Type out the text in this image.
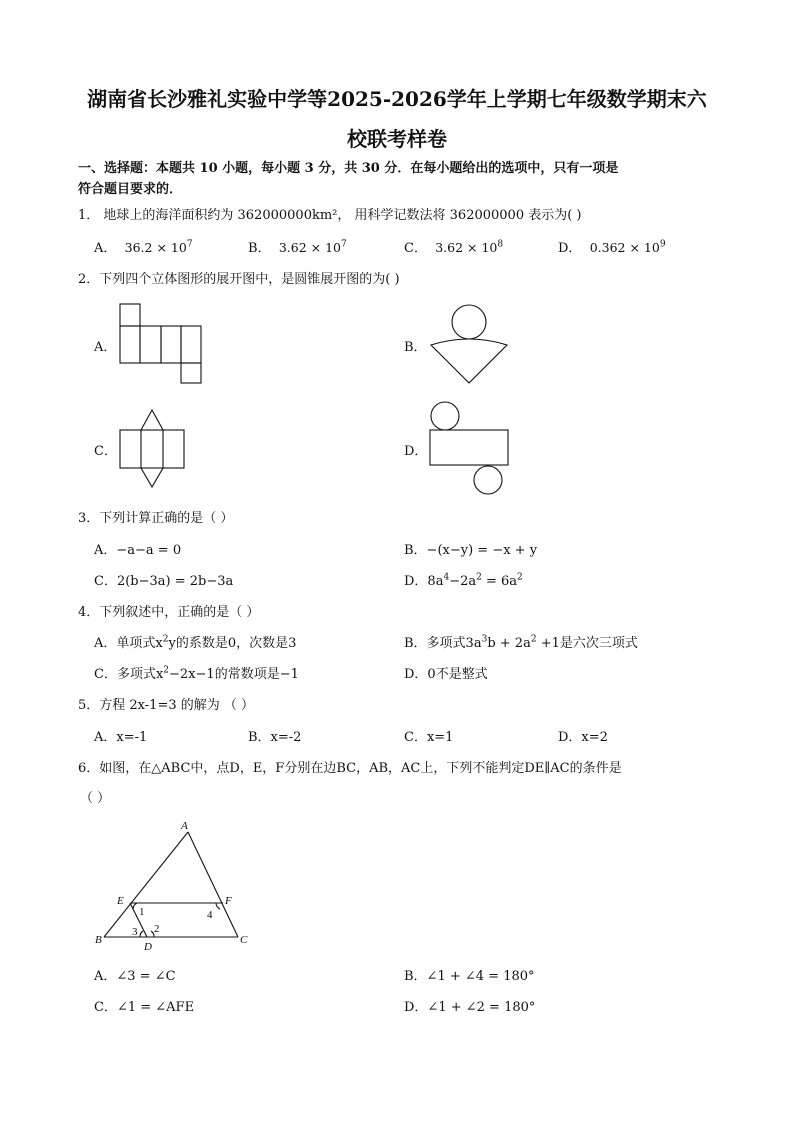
湖南省长沙雅礼实验中学等2025-2026学年上学期七年级数学期末六
校联考样卷
一、选择题：本题共 10 小题，每小题 3 分，共 30 分．在每小题给出的选项中，只有一项是
符合题目要求的．
1． 地球上的海洋面积约为 362000000km²， 用科学记数法将 362000000 表示为( )
A． $36.2 \times 10^7$	B． $3.62 \times 10^7$	C． $3.62 \times 10^8$	D． $0.362 \times 10^9$
2．下列四个立体图形的展开图中，是圆锥展开图的为( )
A．	B．
C．	D．
3．下列计算正确的是（ ）
A．−a−a = 0	B．−(x−y) = −x + y
C．2(b−3a) = 2b−3a	D．$8a^4-2a^2 = 6a^2$
4．下列叙述中，正确的是（ ）
A．单项式$x^2y$的系数是0，次数是3	B．多项式$3a^3b + 2a^2 +1$是六次三项式
C．多项式$x^2-2x-1$的常数项是−1	D．0不是整式
5．方程 2x-1=3 的解为 （ ）
A．x=-1	B．x=-2	C．x=1	D．x=2
6．如图，在△ABC中，点D，E，F分别在边BC，AB，AC上，下列不能判定DE∥AC的条件是
（ ）
A
B	C
D
E	F
1
2
3
4
A．∠3 = ∠C	B．∠1 + ∠4 = 180°
C．∠1 = ∠AFE	D．∠1 + ∠2 = 180°
